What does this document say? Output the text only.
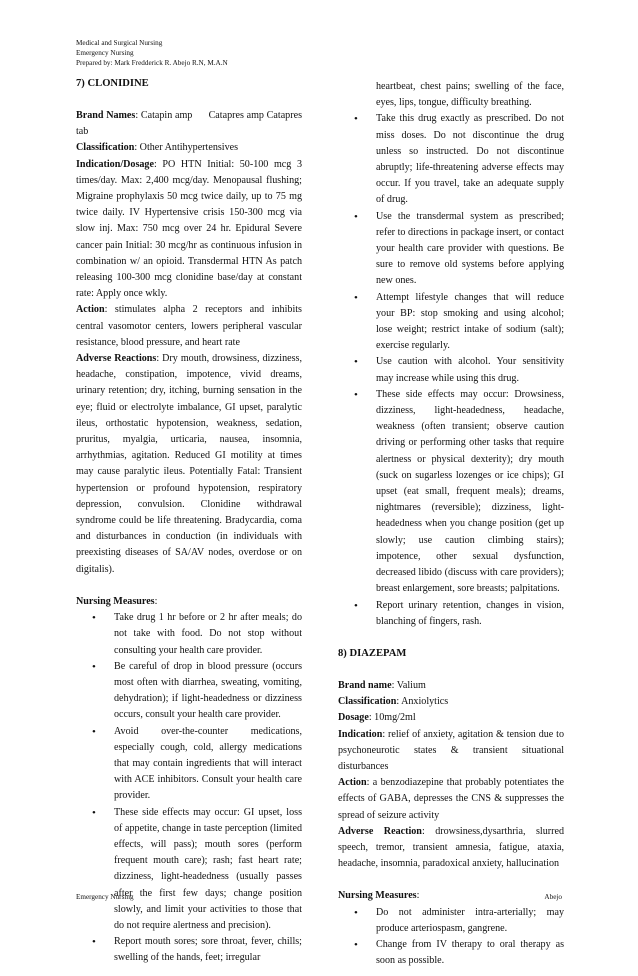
Medical and Surgical Nursing
Emergency Nursing
Prepared by: Mark Fredderick R. Abejo R.N, M.A.N
7) CLONIDINE

Brand Names: Catapin amp      Catapres amp Catapres tab

Classification: Other Antihypertensives

Indication/Dosage: PO HTN Initial: 50-100 mcg 3 times/day. Max: 2,400 mcg/day. Menopausal flushing; Migraine prophylaxis 50 mcg twice daily, up to 75 mg twice daily. IV Hypertensive crisis 150-300 mcg via slow inj. Max: 750 mcg over 24 hr. Epidural Severe cancer pain Initial: 30 mcg/hr as continuous infusion in combination w/ an opioid. Transdermal HTN As patch releasing 100-300 mcg clonidine base/day at constant rate: Apply once wkly.

Action: stimulates alpha 2 receptors and inhibits central vasomotor centers, lowers peripheral vascular resistance, blood pressure, and heart rate

Adverse Reactions: Dry mouth, drowsiness, dizziness, headache, constipation, impotence, vivid dreams, urinary retention; dry, itching, burning sensation in the eye; fluid or electrolyte imbalance, GI upset, paralytic ileus, orthostatic hypotension, weakness, sedation, pruritus, myalgia, urticaria, nausea, insomnia, arrhythmias, agitation. Reduced GI motility at times may cause paralytic ileus. Potentially Fatal: Transient hypertension or profound hypotension, respiratory depression, convulsion. Clonidine withdrawal syndrome could be life threatening. Bradycardia, coma and disturbances in conduction (in individuals with preexisting diseases of SA/AV nodes, overdose or on digitalis).

Nursing Measures:

• Take drug 1 hr before or 2 hr after meals; do not take with food. Do not stop without consulting your health care provider.
• Be careful of drop in blood pressure (occurs most often with diarrhea, sweating, vomiting, dehydration); if light-headedness or dizziness occurs, consult your health care provider.
• Avoid over-the-counter medications, especially cough, cold, allergy medications that may contain ingredients that will interact with ACE inhibitors. Consult your health care provider.
• These side effects may occur: GI upset, loss of appetite, change in taste perception (limited effects, will pass); mouth sores (perform frequent mouth care); rash; fast heart rate; dizziness, light-headedness (usually passes after the first few days; change position slowly, and limit your activities to those that do not require alertness and precision).
• Report mouth sores; sore throat, fever, chills; swelling of the hands, feet; irregular
heartbeat, chest pains; swelling of the face, eyes, lips, tongue, difficulty breathing.
• Take this drug exactly as prescribed. Do not miss doses. Do not discontinue the drug unless so instructed. Do not discontinue abruptly; life-threatening adverse effects may occur. If you travel, take an adequate supply of drug.
• Use the transdermal system as prescribed; refer to directions in package insert, or contact your health care provider with questions. Be sure to remove old systems before applying new ones.
• Attempt lifestyle changes that will reduce your BP: stop smoking and using alcohol; lose weight; restrict intake of sodium (salt); exercise regularly.
• Use caution with alcohol. Your sensitivity may increase while using this drug.
• These side effects may occur: Drowsiness, dizziness, light-headedness, headache, weakness (often transient; observe caution driving or performing other tasks that require alertness or physical dexterity); dry mouth (suck on sugarless lozenges or ice chips); GI upset (eat small, frequent meals); dreams, nightmares (reversible); dizziness, light-headedness when you change position (get up slowly; use caution climbing stairs); impotence, other sexual dysfunction, decreased libido (discuss with care providers); breast enlargement, sore breasts; palpitations.
• Report urinary retention, changes in vision, blanching of fingers, rash.
8) DIAZEPAM

Brand name: Valium

Classification: Anxiolytics

Dosage: 10mg/2ml

Indication: relief of anxiety, agitation & tension due to psychoneurotic states & transient situational disturbances

Action: a benzodiazepine that probably potentiates the effects of GABA, depresses the CNS & suppresses the spread of seizure activity

Adverse Reaction: drowsiness,dysarthria, slurred speech, tremor, transient amnesia, fatigue, ataxia, headache, insomnia, paradoxical anxiety, hallucination

Nursing Measures:

• Do not administer intra-arterially; may produce arteriospasm, gangrene.
• Change from IV therapy to oral therapy as soon as possible.
Emergency Nursing	Abejo
